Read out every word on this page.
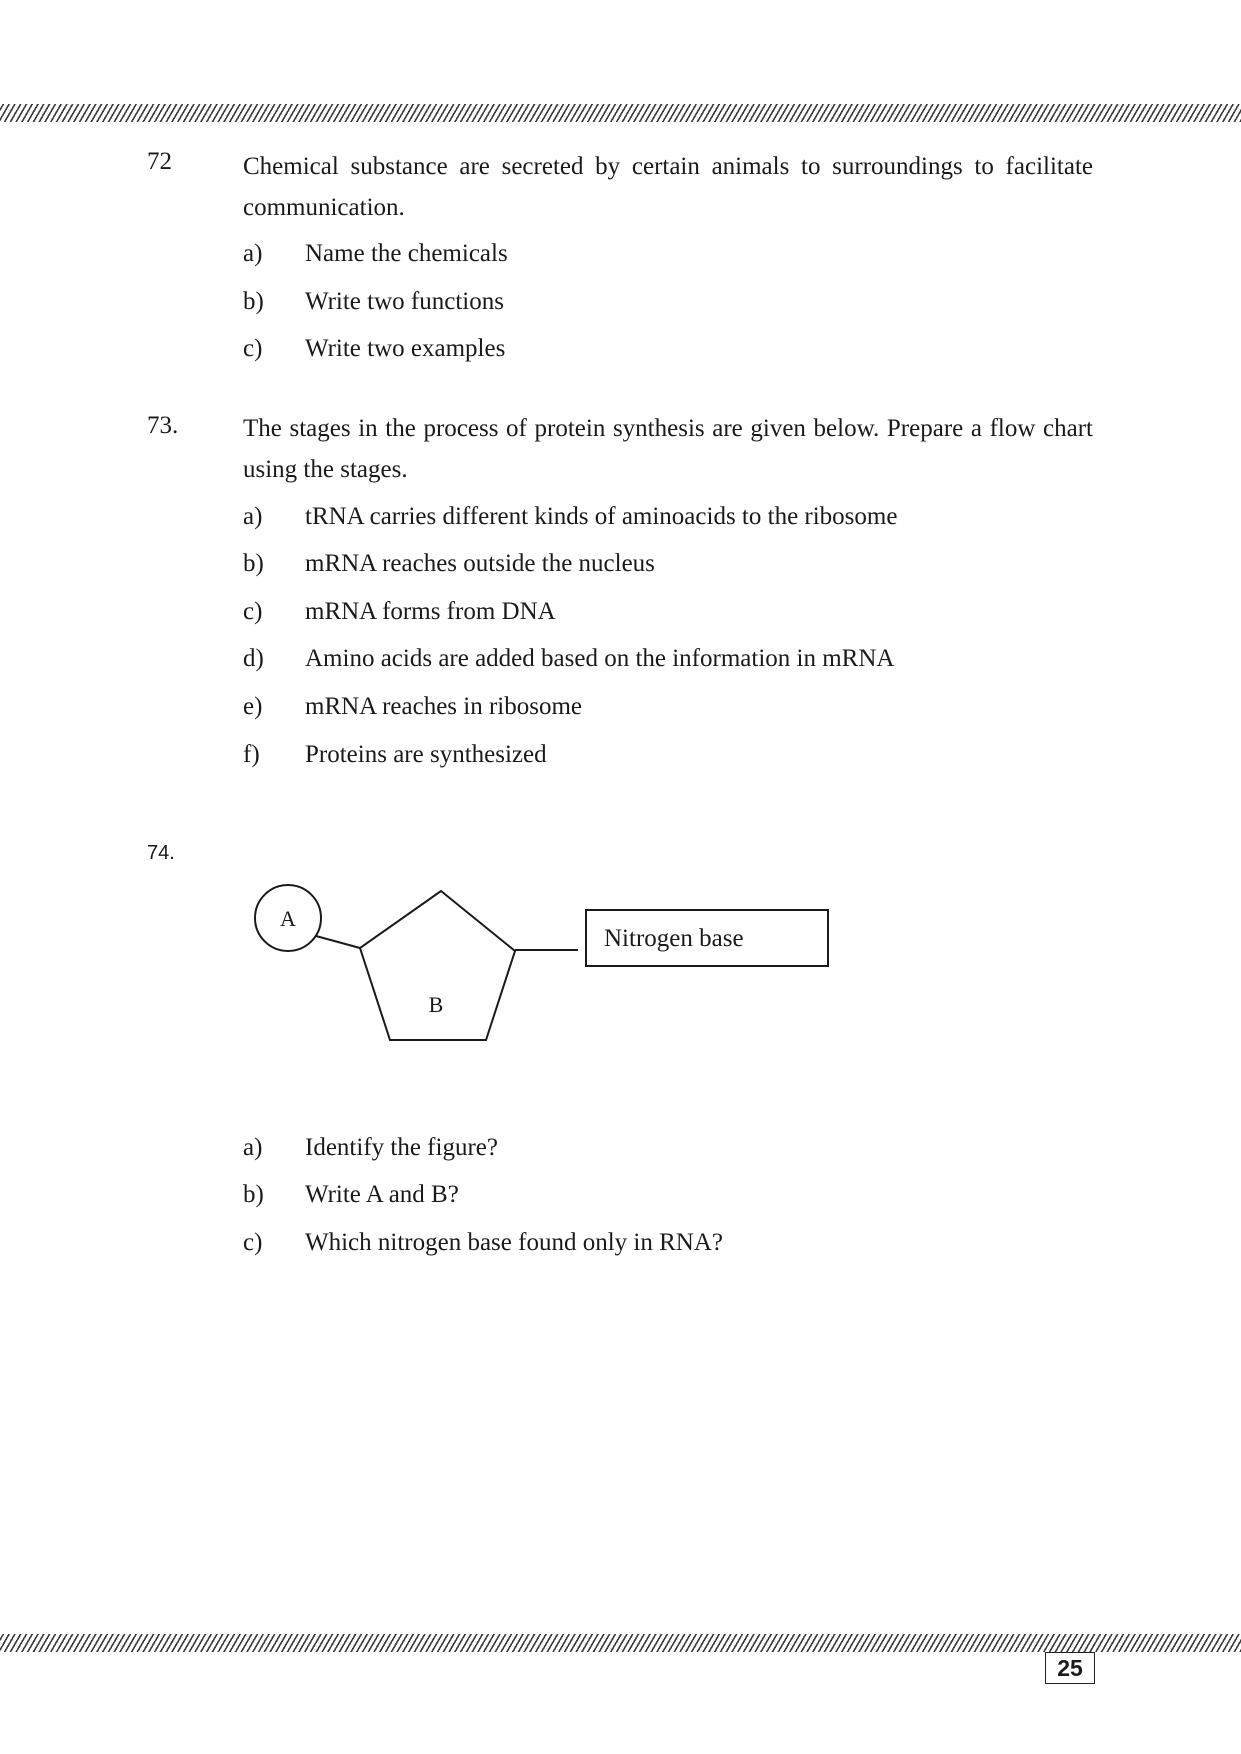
72	Chemical substance are secreted by certain animals to surroundings to facilitate communication.
a)	Name the chemicals
b)	Write two functions
c)	Write two examples
73.	The stages in the process of protein synthesis are given below. Prepare a flow chart using the stages.
a)	tRNA carries different kinds of aminoacids to the ribosome
b)	mRNA reaches outside the nucleus
c)	mRNA forms from DNA
d)	Amino acids are added based on the information in mRNA
e)	mRNA reaches in ribosome
f)	Proteins are synthesized
74.
A
B
Nitrogen base
a)	Identify the figure?
b)	Write A and B?
c)	Which nitrogen base found only in RNA?
25
